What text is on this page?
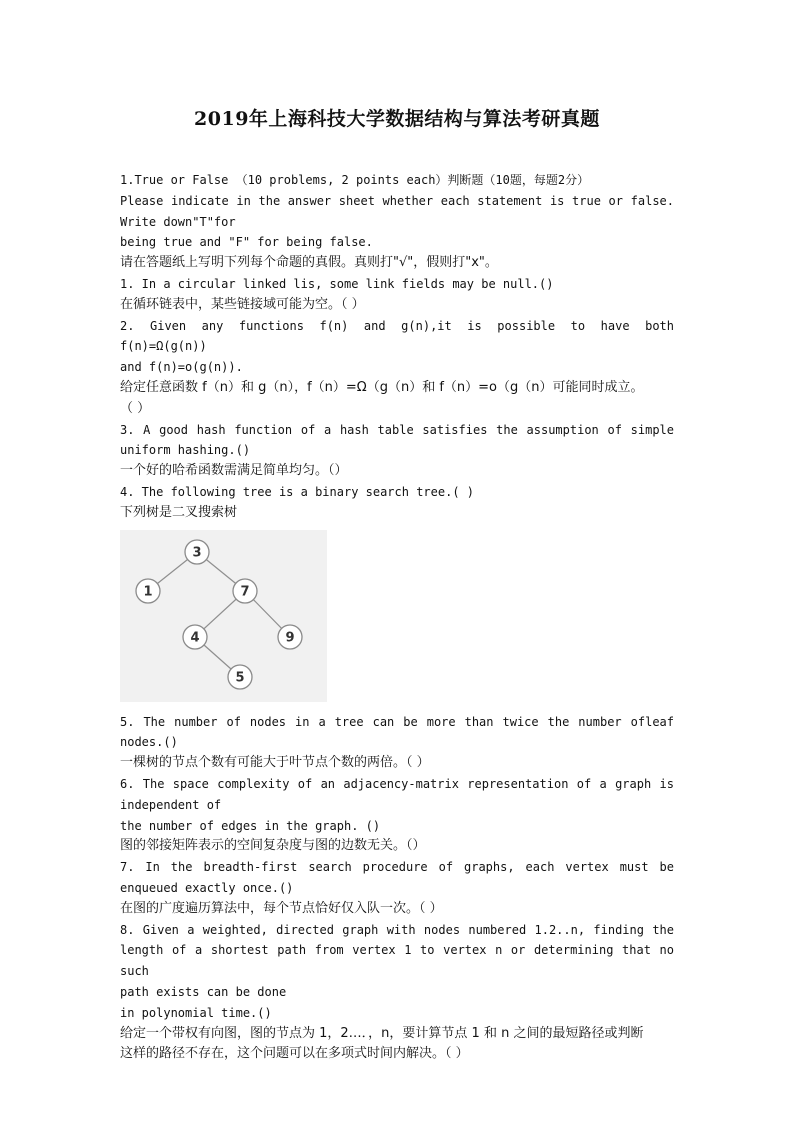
2019年上海科技大学数据结构与算法考研真题
1.True or False （10 problems, 2 points each）判断题（10题，每题2分）
Please indicate in the answer sheet whether each statement is true or false.
Write down"T"for
being true and "F" for being false.
请在答题纸上写明下列每个命题的真假。真则打"√"，假则打"x"。
1. In a circular linked lis, some link fields may be null.()
在循环链表中，某些链接域可能为空。（ ）
2. Given any functions f(n) and g(n),it is possible to have both f(n)=Ω(g(n))
and f(n)=o(g(n)).
给定任意函数 f（n）和 g（n），f（n）=Ω（g（n）和 f（n）=o（g（n）可能同时成立。
（ ）
3. A good hash function of a hash table satisfies the assumption of simple
uniform hashing.()
一个好的哈希函数需满足简单均匀。（）
4. The following tree is a binary search tree.( )
下列树是二叉搜索树
3
1	7
4	9
5
5. The number of nodes in a tree can be more than twice the number ofleaf
nodes.()
一棵树的节点个数有可能大于叶节点个数的两倍。（ ）
6. The space complexity of an adjacency-matrix representation of a graph is
independent of
the number of edges in the graph. ()
图的邻接矩阵表示的空间复杂度与图的边数无关。（）
7. In the breadth-first search procedure of graphs, each vertex must be
enqueued exactly once.()
在图的广度遍历算法中，每个节点恰好仅入队一次。（ ）
8. Given a weighted, directed graph with nodes numbered 1.2..n, finding the
length of a shortest path from vertex 1 to vertex n or determining that no such
path exists can be done
in polynomial time.()
给定一个带权有向图，图的节点为 1，2…．，n，要计算节点 1 和 n 之间的最短路径或判断
这样的路径不存在，这个问题可以在多项式时间内解决。（ ）
